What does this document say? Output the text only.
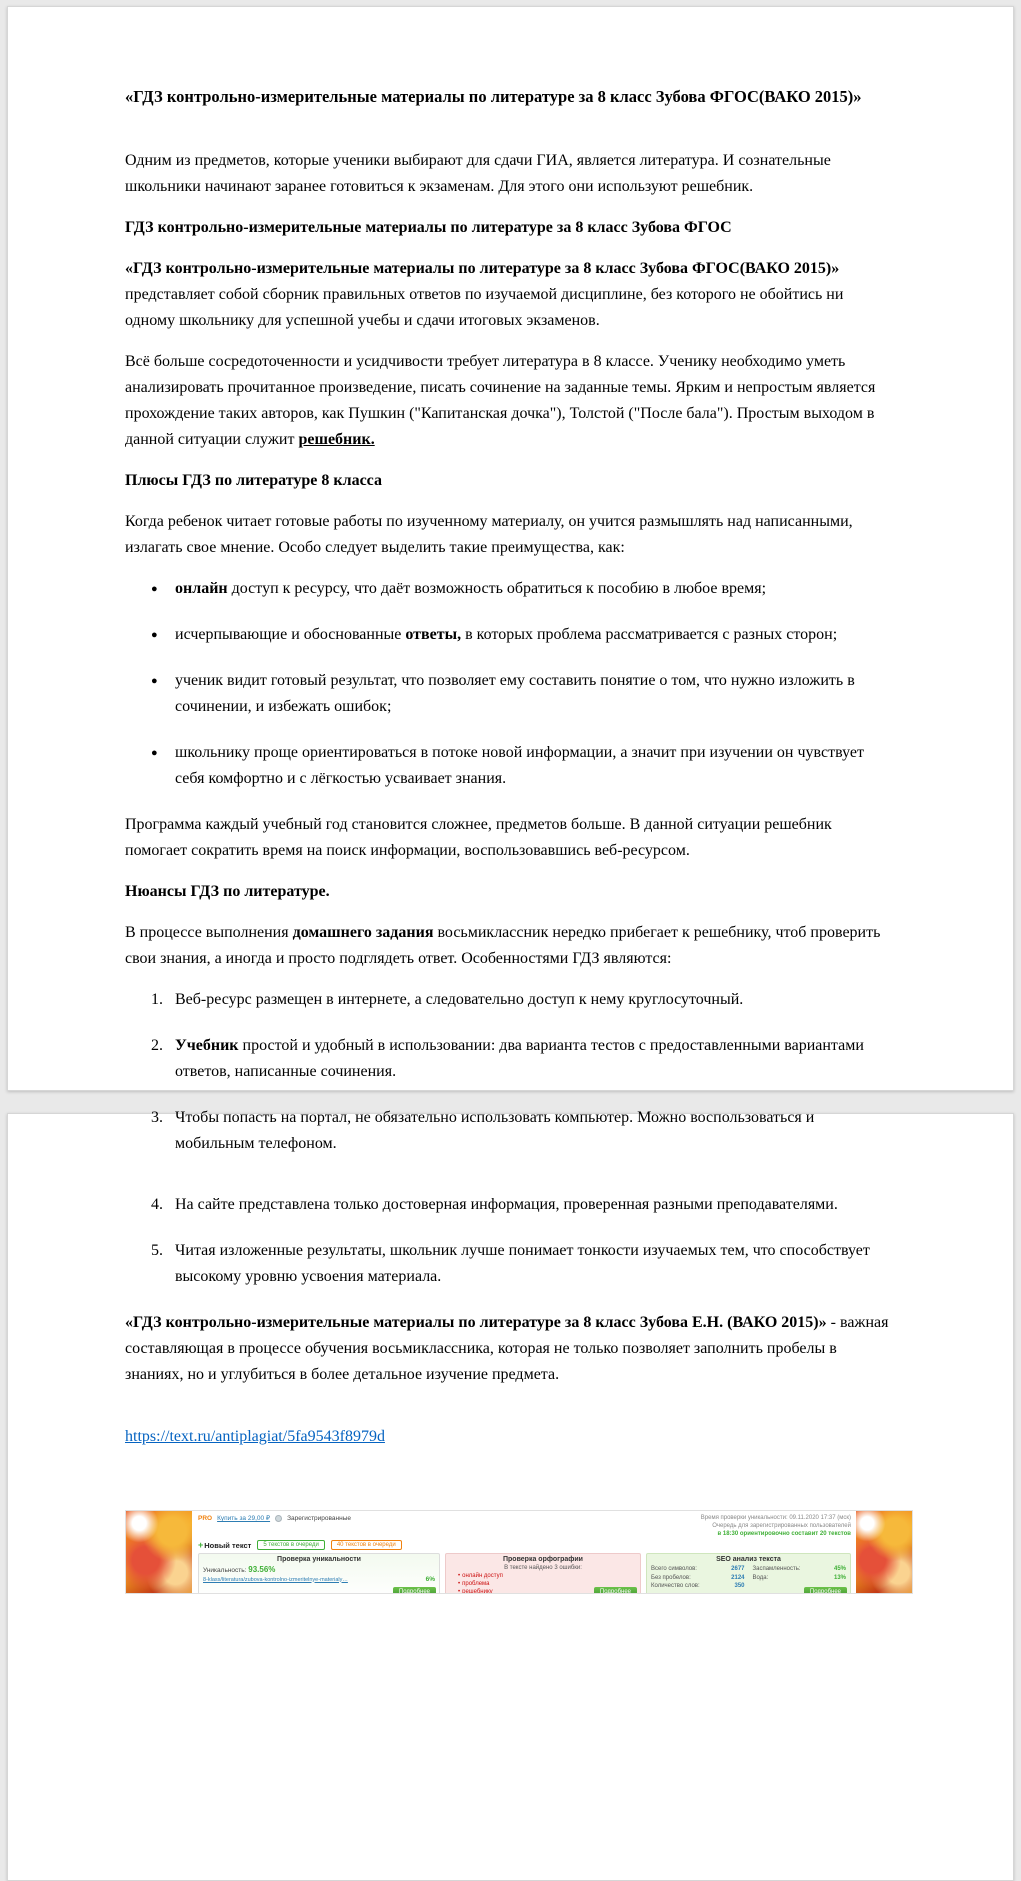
«ГДЗ контрольно-измерительные материалы по литературе за 8 класс Зубова ФГОС(ВАКО 2015)»

Одним из предметов, которые ученики выбирают для сдачи ГИА, является литература. И сознательные школьники начинают заранее готовиться к экзаменам. Для этого они используют решебник.

ГДЗ контрольно-измерительные материалы по литературе за 8 класс Зубова ФГОС

«ГДЗ контрольно-измерительные материалы по литературе за 8 класс Зубова ФГОС(ВАКО 2015)» представляет собой сборник правильных ответов по изучаемой дисциплине, без которого не обойтись ни одному школьнику для успешной учебы и сдачи итоговых экзаменов.

Всё больше сосредоточенности и усидчивости требует литература в 8 классе. Ученику необходимо уметь анализировать прочитанное произведение, писать сочинение на заданные темы. Ярким и непростым является прохождение таких авторов, как Пушкин ("Капитанская дочка"), Толстой ("После бала"). Простым выходом в данной ситуации служит решебник.

Плюсы ГДЗ по литературе 8 класса

Когда ребенок читает готовые работы по изученному материалу, он учится размышлять над написанными, излагать свое мнение. Особо следует выделить такие преимущества, как:

●	онлайн доступ к ресурсу, что даёт возможность обратиться к пособию в любое время;
●	исчерпывающие и обоснованные ответы, в которых проблема рассматривается с разных сторон;
●	ученик видит готовый результат, что позволяет ему составить понятие о том, что нужно изложить в сочинении, и избежать ошибок;
●	школьнику проще ориентироваться в потоке новой информации, а значит при изучении он чувствует себя комфортно и с лёгкостью усваивает знания.

Программа каждый учебный год становится сложнее, предметов больше. В данной ситуации решебник помогает сократить время на поиск информации, воспользовавшись веб-ресурсом.

Нюансы ГДЗ по литературе.

В процессе выполнения домашнего задания восьмиклассник нередко прибегает к решебнику, чтоб проверить свои знания, а иногда и просто подглядеть ответ. Особенностями ГДЗ являются:

1. Веб-ресурс размещен в интернете, а следовательно доступ к нему круглосуточный.
2. Учебник простой и удобный в использовании: два варианта тестов с предоставленными вариантами ответов, написанные сочинения.
3. Чтобы попасть на портал, не обязательно использовать компьютер. Можно воспользоваться и мобильным телефоном.
4. На сайте представлена только достоверная информация, проверенная разными преподавателями.
5. Читая изложенные результаты, школьник лучше понимает тонкости изучаемых тем, что способствует высокому уровню усвоения материала.

«ГДЗ контрольно-измерительные материалы по литературе за 8 класс Зубова Е.Н. (ВАКО 2015)» - важная составляющая в процессе обучения восьмиклассника, которая не только позволяет заполнить пробелы в знаниях, но и углубиться в более детальное изучение предмета.

https://text.ru/antiplagiat/5fa9543f8979d

PRO Купить за 29,00 ₽	Зарегистрированные	Время проверки уникальности: 09.11.2020 17:37 (мск)
Очередь для зарегистрированных пользователей
в 18:30 ориентировочно составит 20 текстов
+Новый текст	5 текстов в очереди	40 текстов в очереди
Проверка уникальности
Уникальность: 93.56%
8-klass/literatura/zubova-kontrolno-izmeritelnye-materialy…	6%
Подробнее
Проверка орфографии
В тексте найдено 3 ошибки:
• онлайн доступ
• проблема
• решебнику	Подробнее
SEO анализ текста
Всего символов:	2677
Без пробелов:	2124
Количество слов:	350
Заспамленность:	45%
Вода:	13%
Подробнее
